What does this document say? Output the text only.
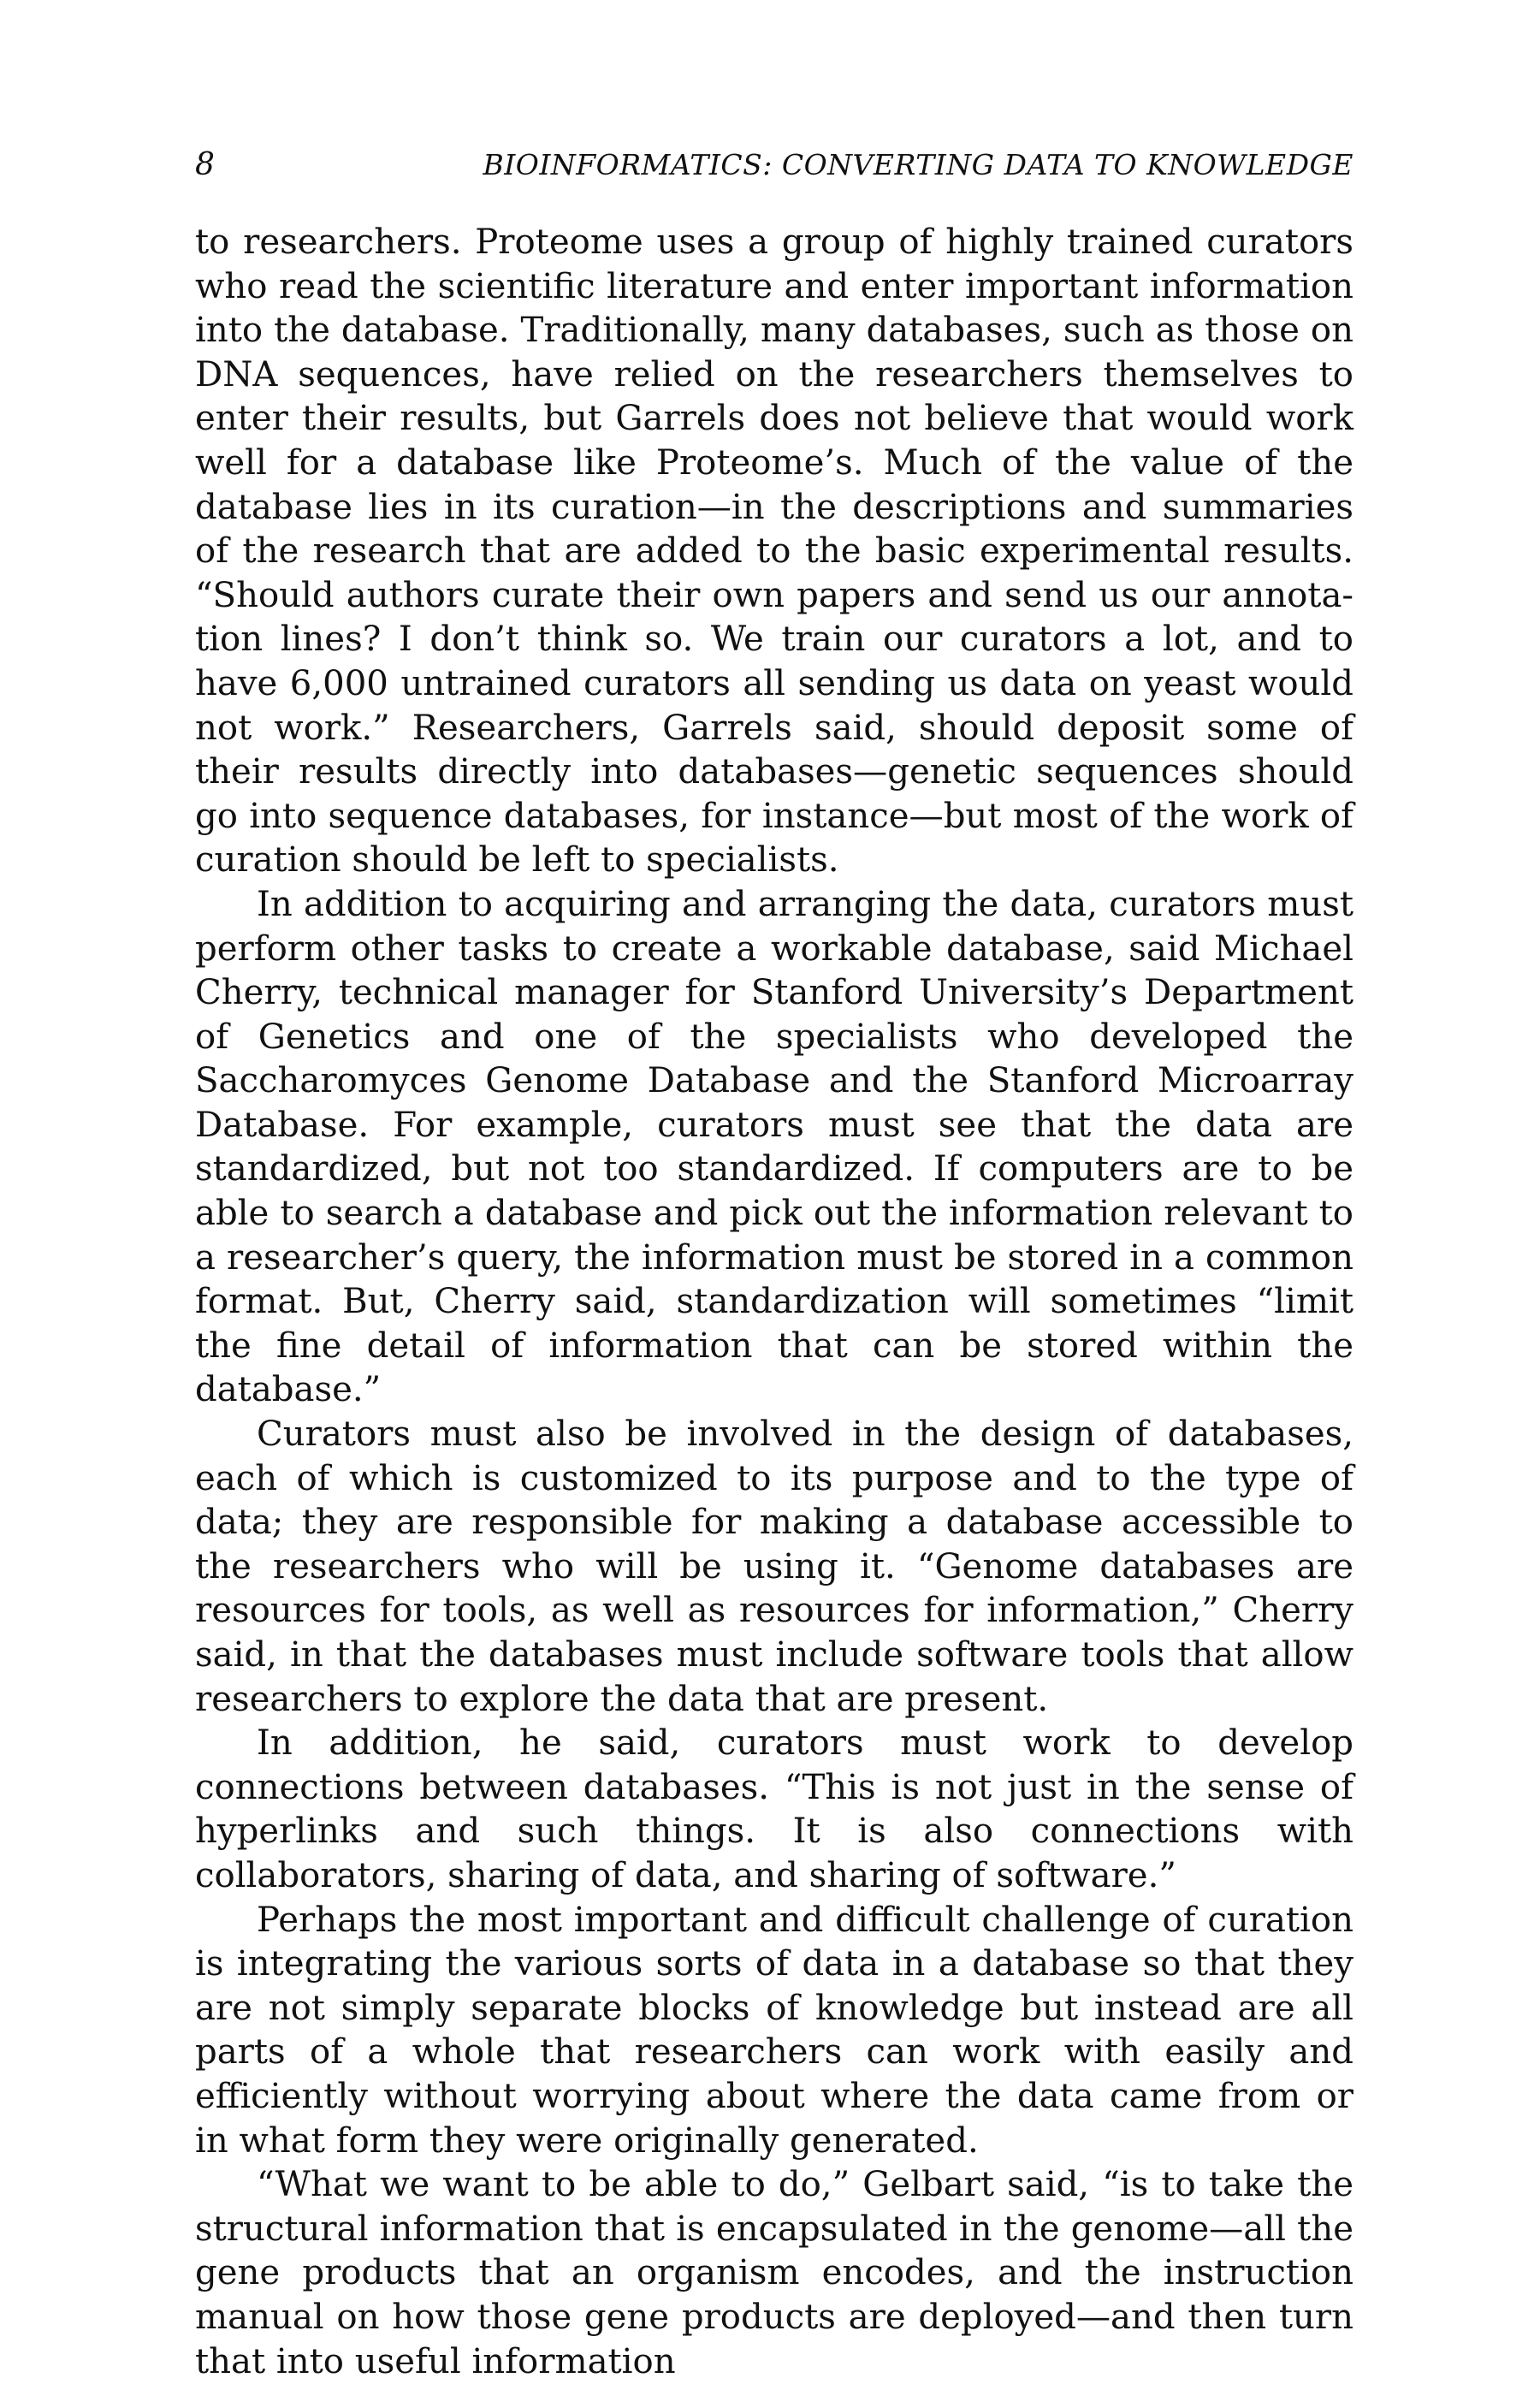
8	BIOINFORMATICS: CONVERTING DATA TO KNOWLEDGE

to researchers. Proteome uses a group of highly trained curators who read the scientific literature and enter important information into the database. Traditionally, many databases, such as those on DNA sequences, have relied on the researchers themselves to enter their results, but Garrels does not believe that would work well for a database like Proteome’s. Much of the value of the database lies in its curation—in the descriptions and summaries of the research that are added to the basic experimental results. “Should authors curate their own papers and send us our annotation lines? I don’t think so. We train our curators a lot, and to have 6,000 untrained curators all sending us data on yeast would not work.” Researchers, Garrels said, should deposit some of their results directly into databases—genetic sequences should go into sequence databases, for instance—but most of the work of curation should be left to specialists.

In addition to acquiring and arranging the data, curators must perform other tasks to create a workable database, said Michael Cherry, technical manager for Stanford University’s Department of Genetics and one of the specialists who developed the Saccharomyces Genome Database and the Stanford Microarray Database. For example, curators must see that the data are standardized, but not too standardized. If computers are to be able to search a database and pick out the information relevant to a researcher’s query, the information must be stored in a common format. But, Cherry said, standardization will sometimes “limit the fine detail of information that can be stored within the database.”

Curators must also be involved in the design of databases, each of which is customized to its purpose and to the type of data; they are responsible for making a database accessible to the researchers who will be using it. “Genome databases are resources for tools, as well as resources for information,” Cherry said, in that the databases must include software tools that allow researchers to explore the data that are present.

In addition, he said, curators must work to develop connections between databases. “This is not just in the sense of hyperlinks and such things. It is also connections with collaborators, sharing of data, and sharing of software.”

Perhaps the most important and difficult challenge of curation is integrating the various sorts of data in a database so that they are not simply separate blocks of knowledge but instead are all parts of a whole that researchers can work with easily and efficiently without worrying about where the data came from or in what form they were originally generated.

“What we want to be able to do,” Gelbart said, “is to take the structural information that is encapsulated in the genome—all the gene products that an organism encodes, and the instruction manual on how those gene products are deployed—and then turn that into useful information
